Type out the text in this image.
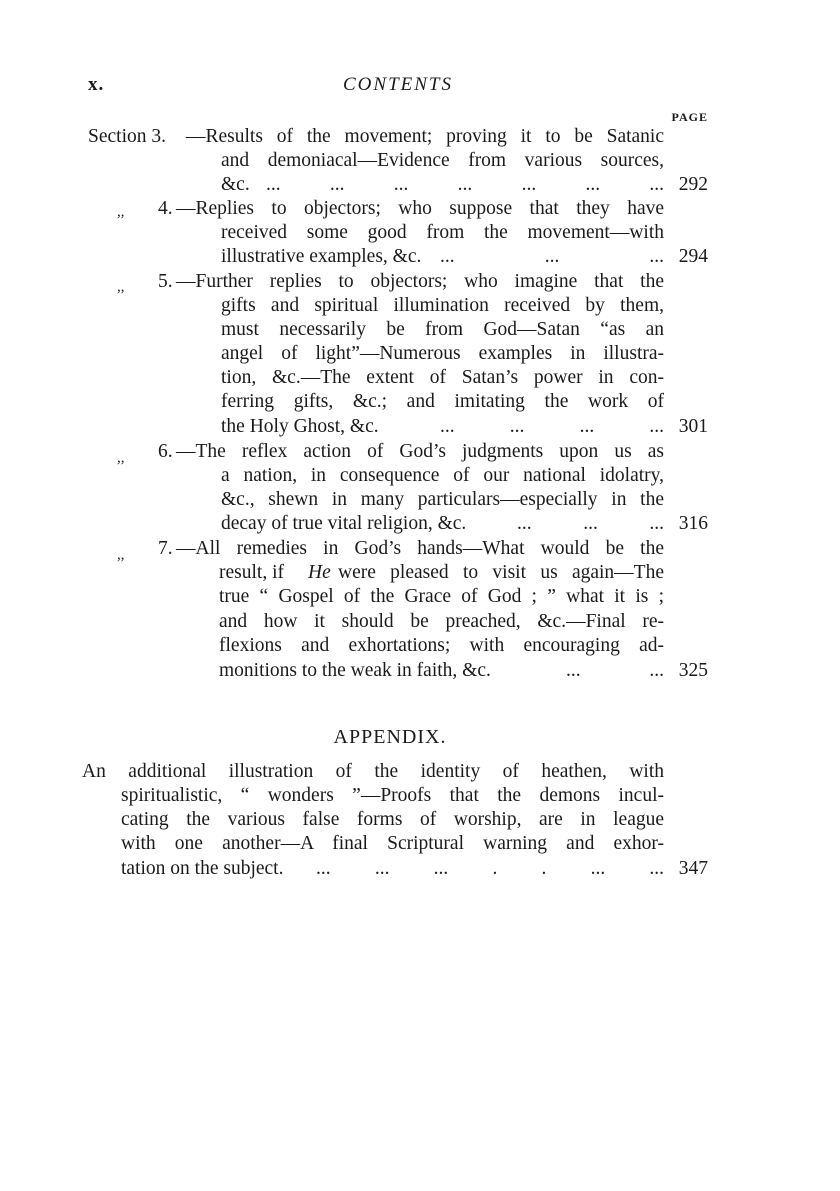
x.	CONTENTS
PAGE
Section 3. —Results of the movement; proving it to be Satanic
and demoniacal—Evidence from various sources,
&c. ... ... ... ... ... ... ... 292
,, 4. —Replies to objectors; who suppose that they have
received some good from the movement—with
illustrative examples, &c. ... ... ... 294
,, 5. —Further replies to objectors; who imagine that the
gifts and spiritual illumination received by them,
must necessarily be from God—Satan “as an
angel of light”—Numerous examples in illustra-
tion, &c.—The extent of Satan’s power in con-
ferring gifts, &c.; and imitating the work of
the Holy Ghost, &c.	... ... ... ... 301
,, 6. —The reflex action of God’s judgments upon us as
a nation, in consequence of our national idolatry,
&c., shewn in many particulars—especially in the
decay of true vital religion, &c.	... ... ... 316
,, 7. —All remedies in God’s hands—What would be the
result, if He were pleased to visit us again—The
true “ Gospel of the Grace of God ; ” what it is ;
and how it should be preached, &c.—Final re-
flexions and exhortations; with encouraging ad-
monitions to the weak in faith, &c.	... ... 325
APPENDIX.
An additional illustration of the identity of heathen, with
spiritualistic, “ wonders ”—Proofs that the demons incul-
cating the various false forms of worship, are in league
with one another—A final Scriptural warning and exhor-
tation on the subject. ... ... ... . . ... ... 347
